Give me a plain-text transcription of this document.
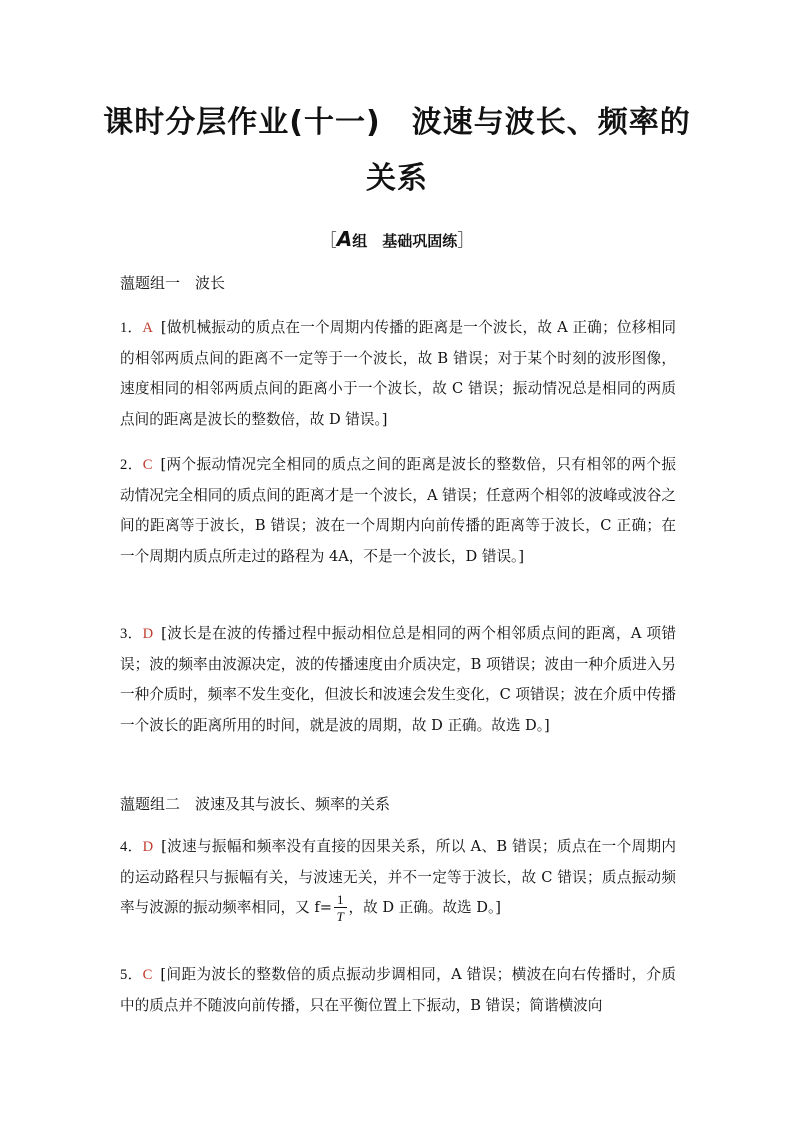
课时分层作业(十一)　波速与波长、频率的
关系
［A组　基础巩固练］
薀题组一　波长
1．A [做机械振动的质点在一个周期内传播的距离是一个波长，故 A 正确；位移相同的相邻两质点间的距离不一定等于一个波长，故 B 错误；对于某个时刻的波形图像，速度相同的相邻两质点间的距离小于一个波长，故 C 错误；振动情况总是相同的两质点间的距离是波长的整数倍，故 D 错误。]
2．C [两个振动情况完全相同的质点之间的距离是波长的整数倍，只有相邻的两个振动情况完全相同的质点间的距离才是一个波长，A 错误；任意两个相邻的波峰或波谷之间的距离等于波长，B 错误；波在一个周期内向前传播的距离等于波长，C 正确；在一个周期内质点所走过的路程为 4A，不是一个波长，D 错误。]
3．D [波长是在波的传播过程中振动相位总是相同的两个相邻质点间的距离，A 项错误；波的频率由波源决定，波的传播速度由介质决定，B 项错误；波由一种介质进入另一种介质时，频率不发生变化，但波长和波速会发生变化，C 项错误；波在介质中传播一个波长的距离所用的时间，就是波的周期，故 D 正确。故选 D。]
薀题组二　波速及其与波长、频率的关系
4．D [波速与振幅和频率没有直接的因果关系，所以 A、B 错误；质点在一个周期内的运动路程只与振幅有关，与波速无关，并不一定等于波长，故 C 错误；质点振动频率与波源的振动频率相同，又 $f= \frac{1}{T}$ ，故 D 正确。故选 D。]
5．C [间距为波长的整数倍的质点振动步调相同，A 错误；横波在向右传播时，介质中的质点并不随波向前传播，只在平衡位置上下振动，B 错误；简谐横波向
